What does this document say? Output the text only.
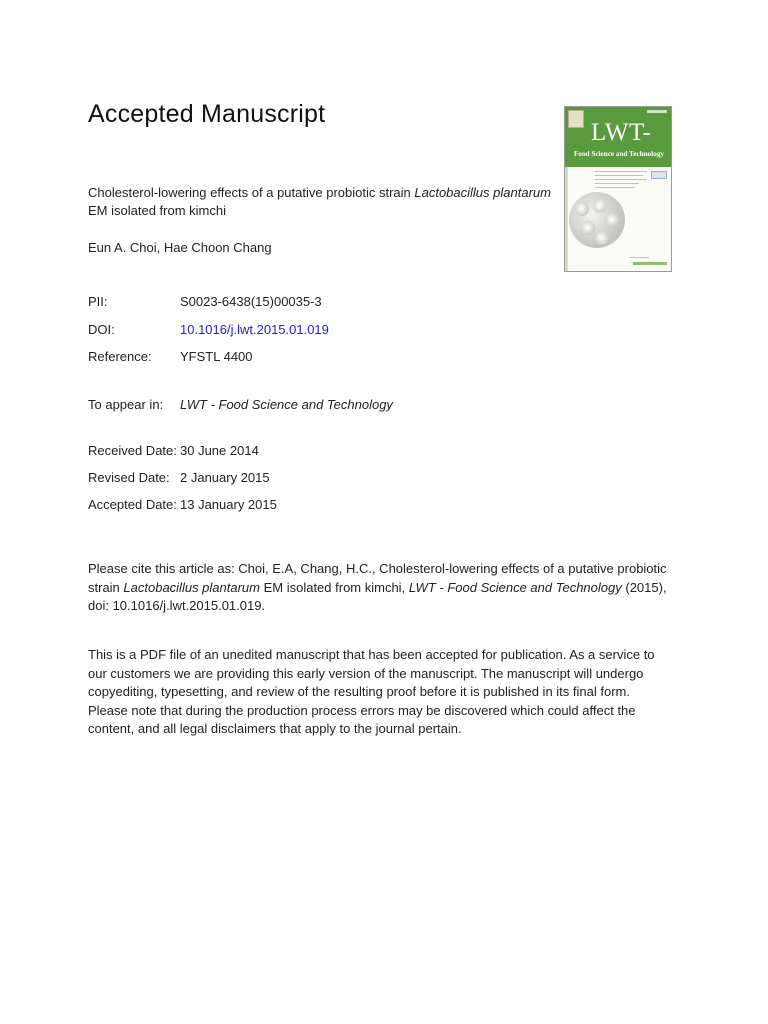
Accepted Manuscript
LWT-
Food Science and Technology
Cholesterol-lowering effects of a putative probiotic strain Lactobacillus plantarum EM isolated from kimchi
Eun A. Choi, Hae Choon Chang
PII:	S0023-6438(15)00035-3
DOI:	10.1016/j.lwt.2015.01.019
Reference:	YFSTL 4400
To appear in:	LWT - Food Science and Technology
Received Date: 30 June 2014
Revised Date: 2 January 2015
Accepted Date: 13 January 2015
Please cite this article as: Choi, E.A, Chang, H.C., Cholesterol-lowering effects of a putative probiotic strain Lactobacillus plantarum EM isolated from kimchi, LWT - Food Science and Technology (2015), doi: 10.1016/j.lwt.2015.01.019.
This is a PDF file of an unedited manuscript that has been accepted for publication. As a service to our customers we are providing this early version of the manuscript. The manuscript will undergo copyediting, typesetting, and review of the resulting proof before it is published in its final form. Please note that during the production process errors may be discovered which could affect the content, and all legal disclaimers that apply to the journal pertain.
